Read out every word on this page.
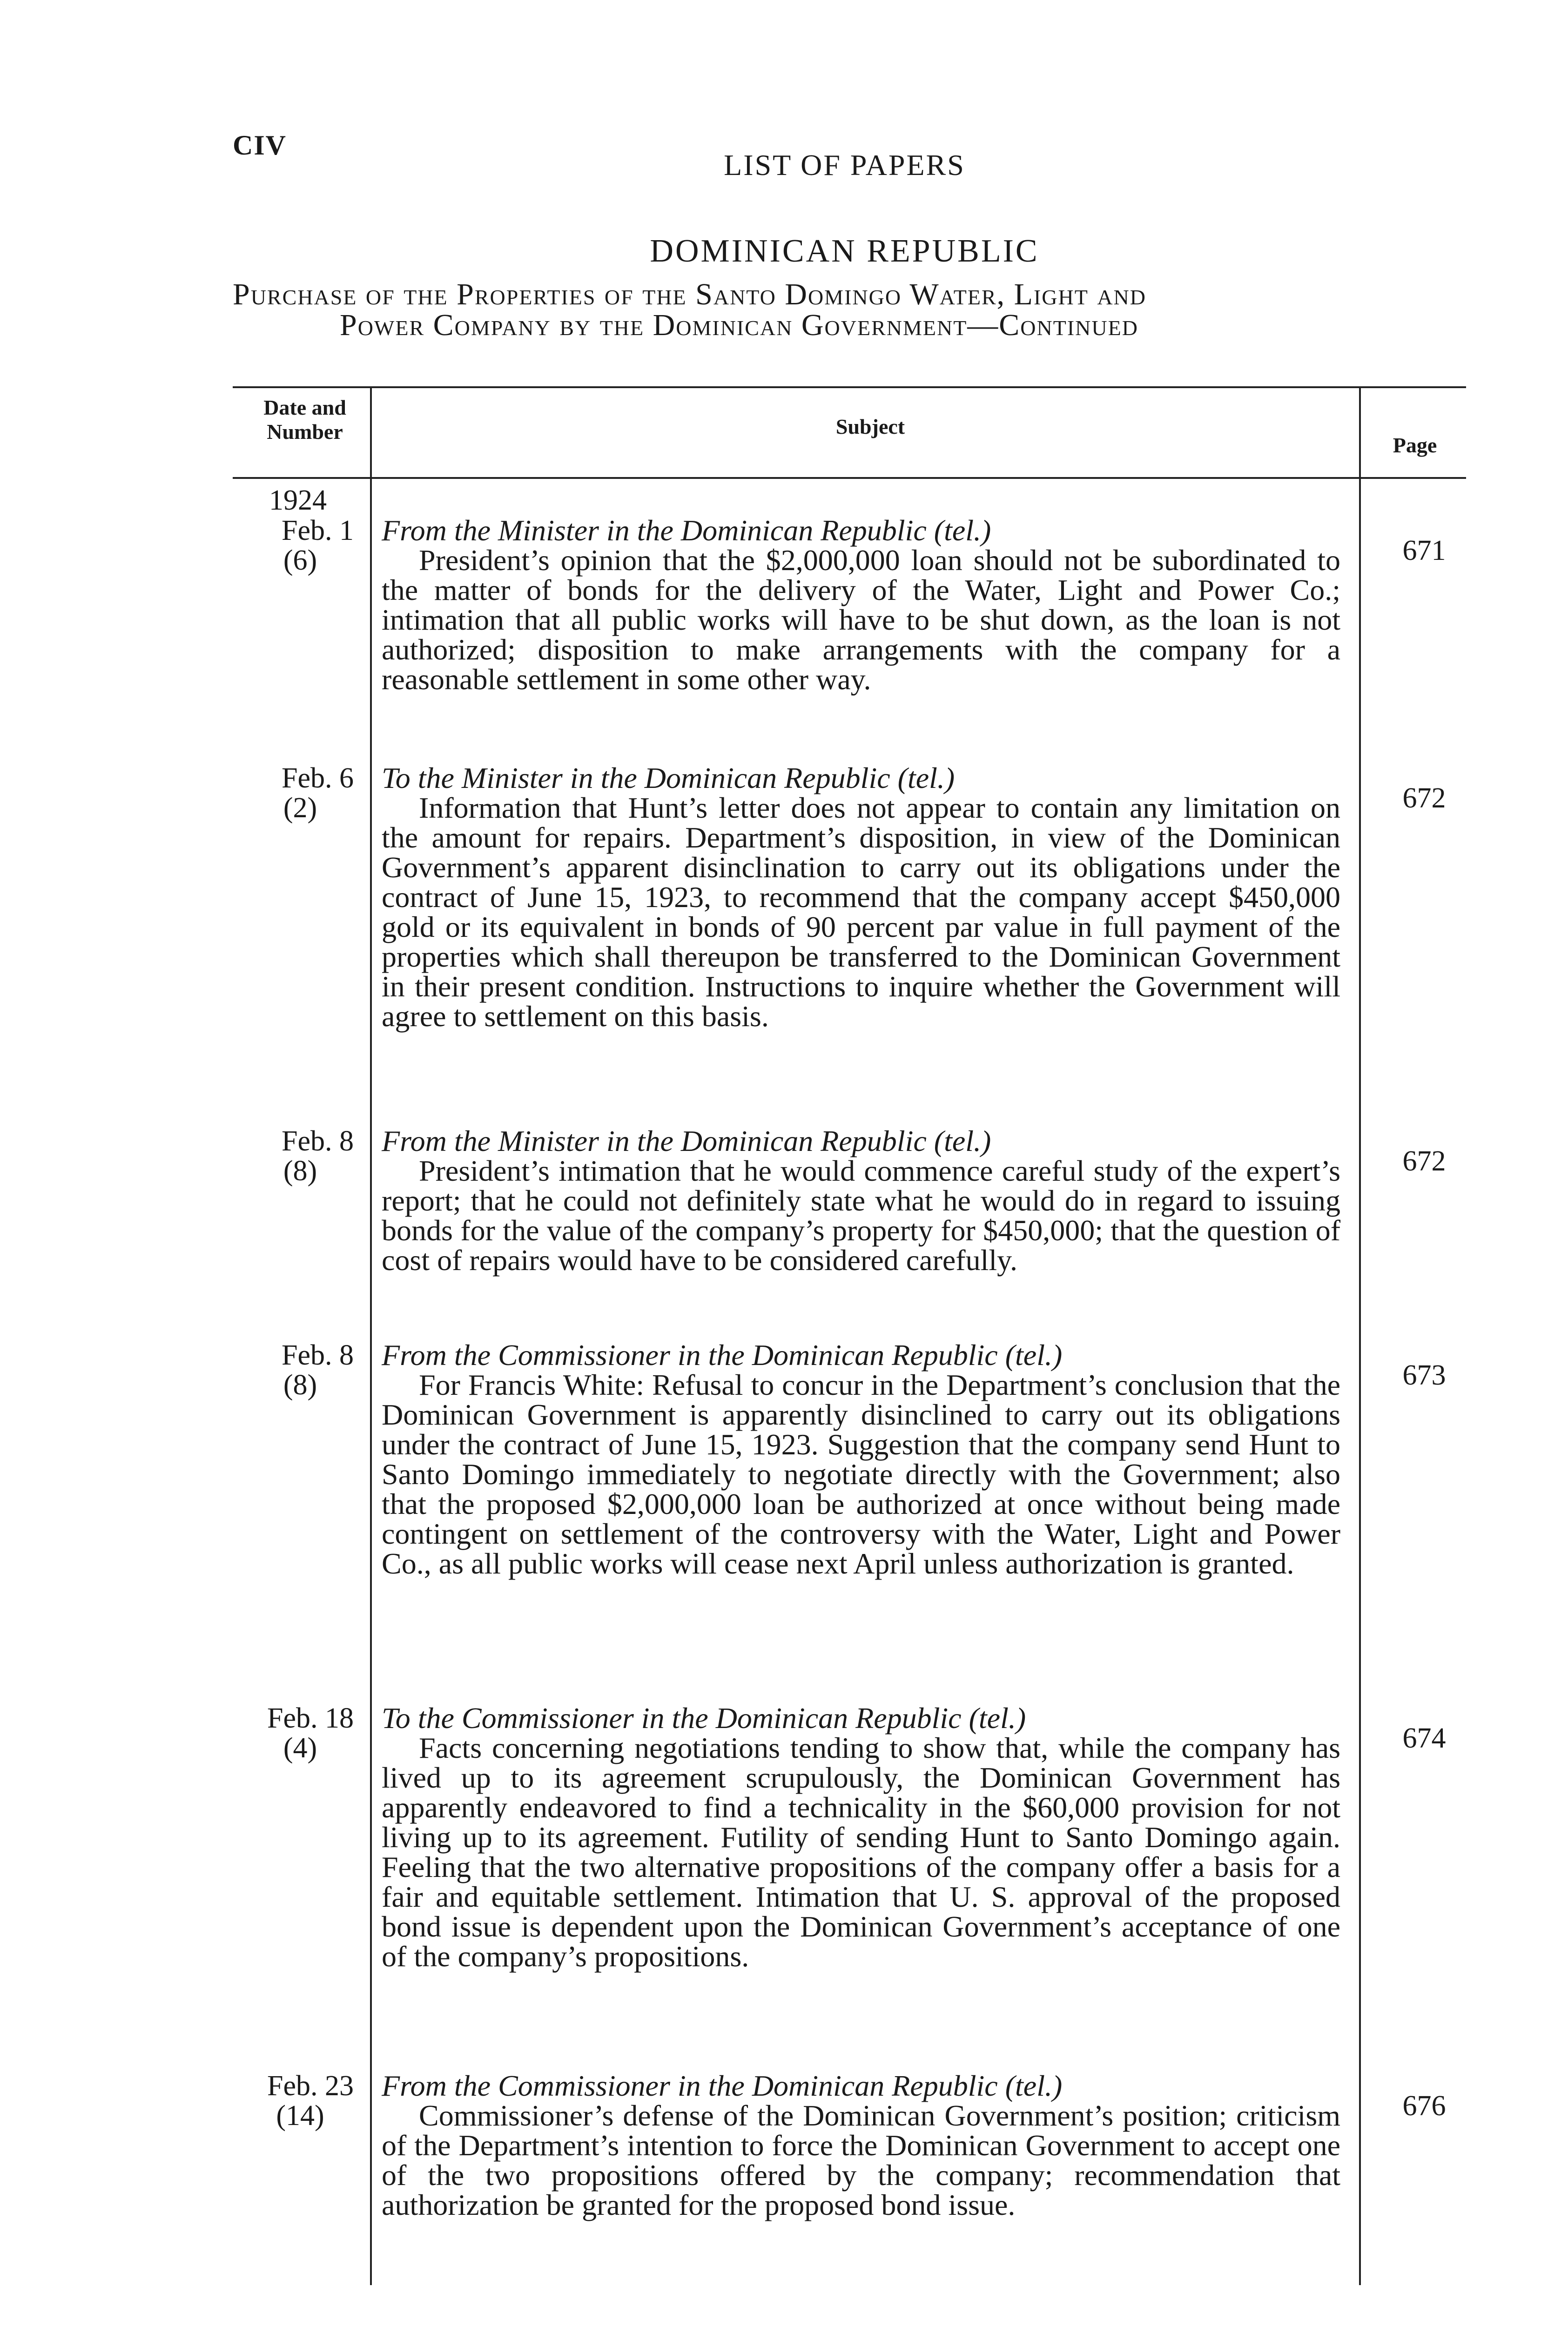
CIV
LIST OF PAPERS
DOMINICAN REPUBLIC
Purchase of the Properties of the Santo Domingo Water, Light and
Power Company by the Dominican Government—Continued
Date and Number	Subject
Page
1924
Feb. 1
(6)
From the Minister in the Dominican Republic (tel.)
President’s opinion that the $2,000,000 loan should not be subordinated to the matter of bonds for the delivery of the Water, Light and Power Co.; intimation that all public works will have to be shut down, as the loan is not authorized; disposition to make arrangements with the company for a reasonable settlement in some other way.
671
Feb. 6
(2)
To the Minister in the Dominican Republic (tel.)
Information that Hunt’s letter does not appear to contain any limitation on the amount for repairs. Department’s disposition, in view of the Dominican Government’s apparent disinclination to carry out its obligations under the contract of June 15, 1923, to recommend that the company accept $450,000 gold or its equivalent in bonds of 90 percent par value in full payment of the properties which shall thereupon be transferred to the Dominican Government in their present condition. Instructions to inquire whether the Government will agree to settlement on this basis.
672
Feb. 8
(8)
From the Minister in the Dominican Republic (tel.)
President’s intimation that he would commence careful study of the expert’s report; that he could not definitely state what he would do in regard to issuing bonds for the value of the company’s property for $450,000; that the question of cost of repairs would have to be considered carefully.
672
Feb. 8
(8)
From the Commissioner in the Dominican Republic (tel.)
For Francis White: Refusal to concur in the Department’s conclusion that the Dominican Government is apparently disinclined to carry out its obligations under the contract of June 15, 1923. Suggestion that the company send Hunt to Santo Domingo immediately to negotiate directly with the Government; also that the proposed $2,000,000 loan be authorized at once without being made contingent on settlement of the controversy with the Water, Light and Power Co., as all public works will cease next April unless authorization is granted.
673
Feb. 18
(4)
To the Commissioner in the Dominican Republic (tel.)
Facts concerning negotiations tending to show that, while the company has lived up to its agreement scrupulously, the Dominican Government has apparently endeavored to find a technicality in the $60,000 provision for not living up to its agreement. Futility of sending Hunt to Santo Domingo again. Feeling that the two alternative propositions of the company offer a basis for a fair and equitable settlement. Intimation that U. S. approval of the proposed bond issue is dependent upon the Dominican Government’s acceptance of one of the company’s propositions.
674
Feb. 23
(14)
From the Commissioner in the Dominican Republic (tel.)
Commissioner’s defense of the Dominican Government’s position; criticism of the Department’s intention to force the Dominican Government to accept one of the two propositions offered by the company; recommendation that authorization be granted for the proposed bond issue.
676
